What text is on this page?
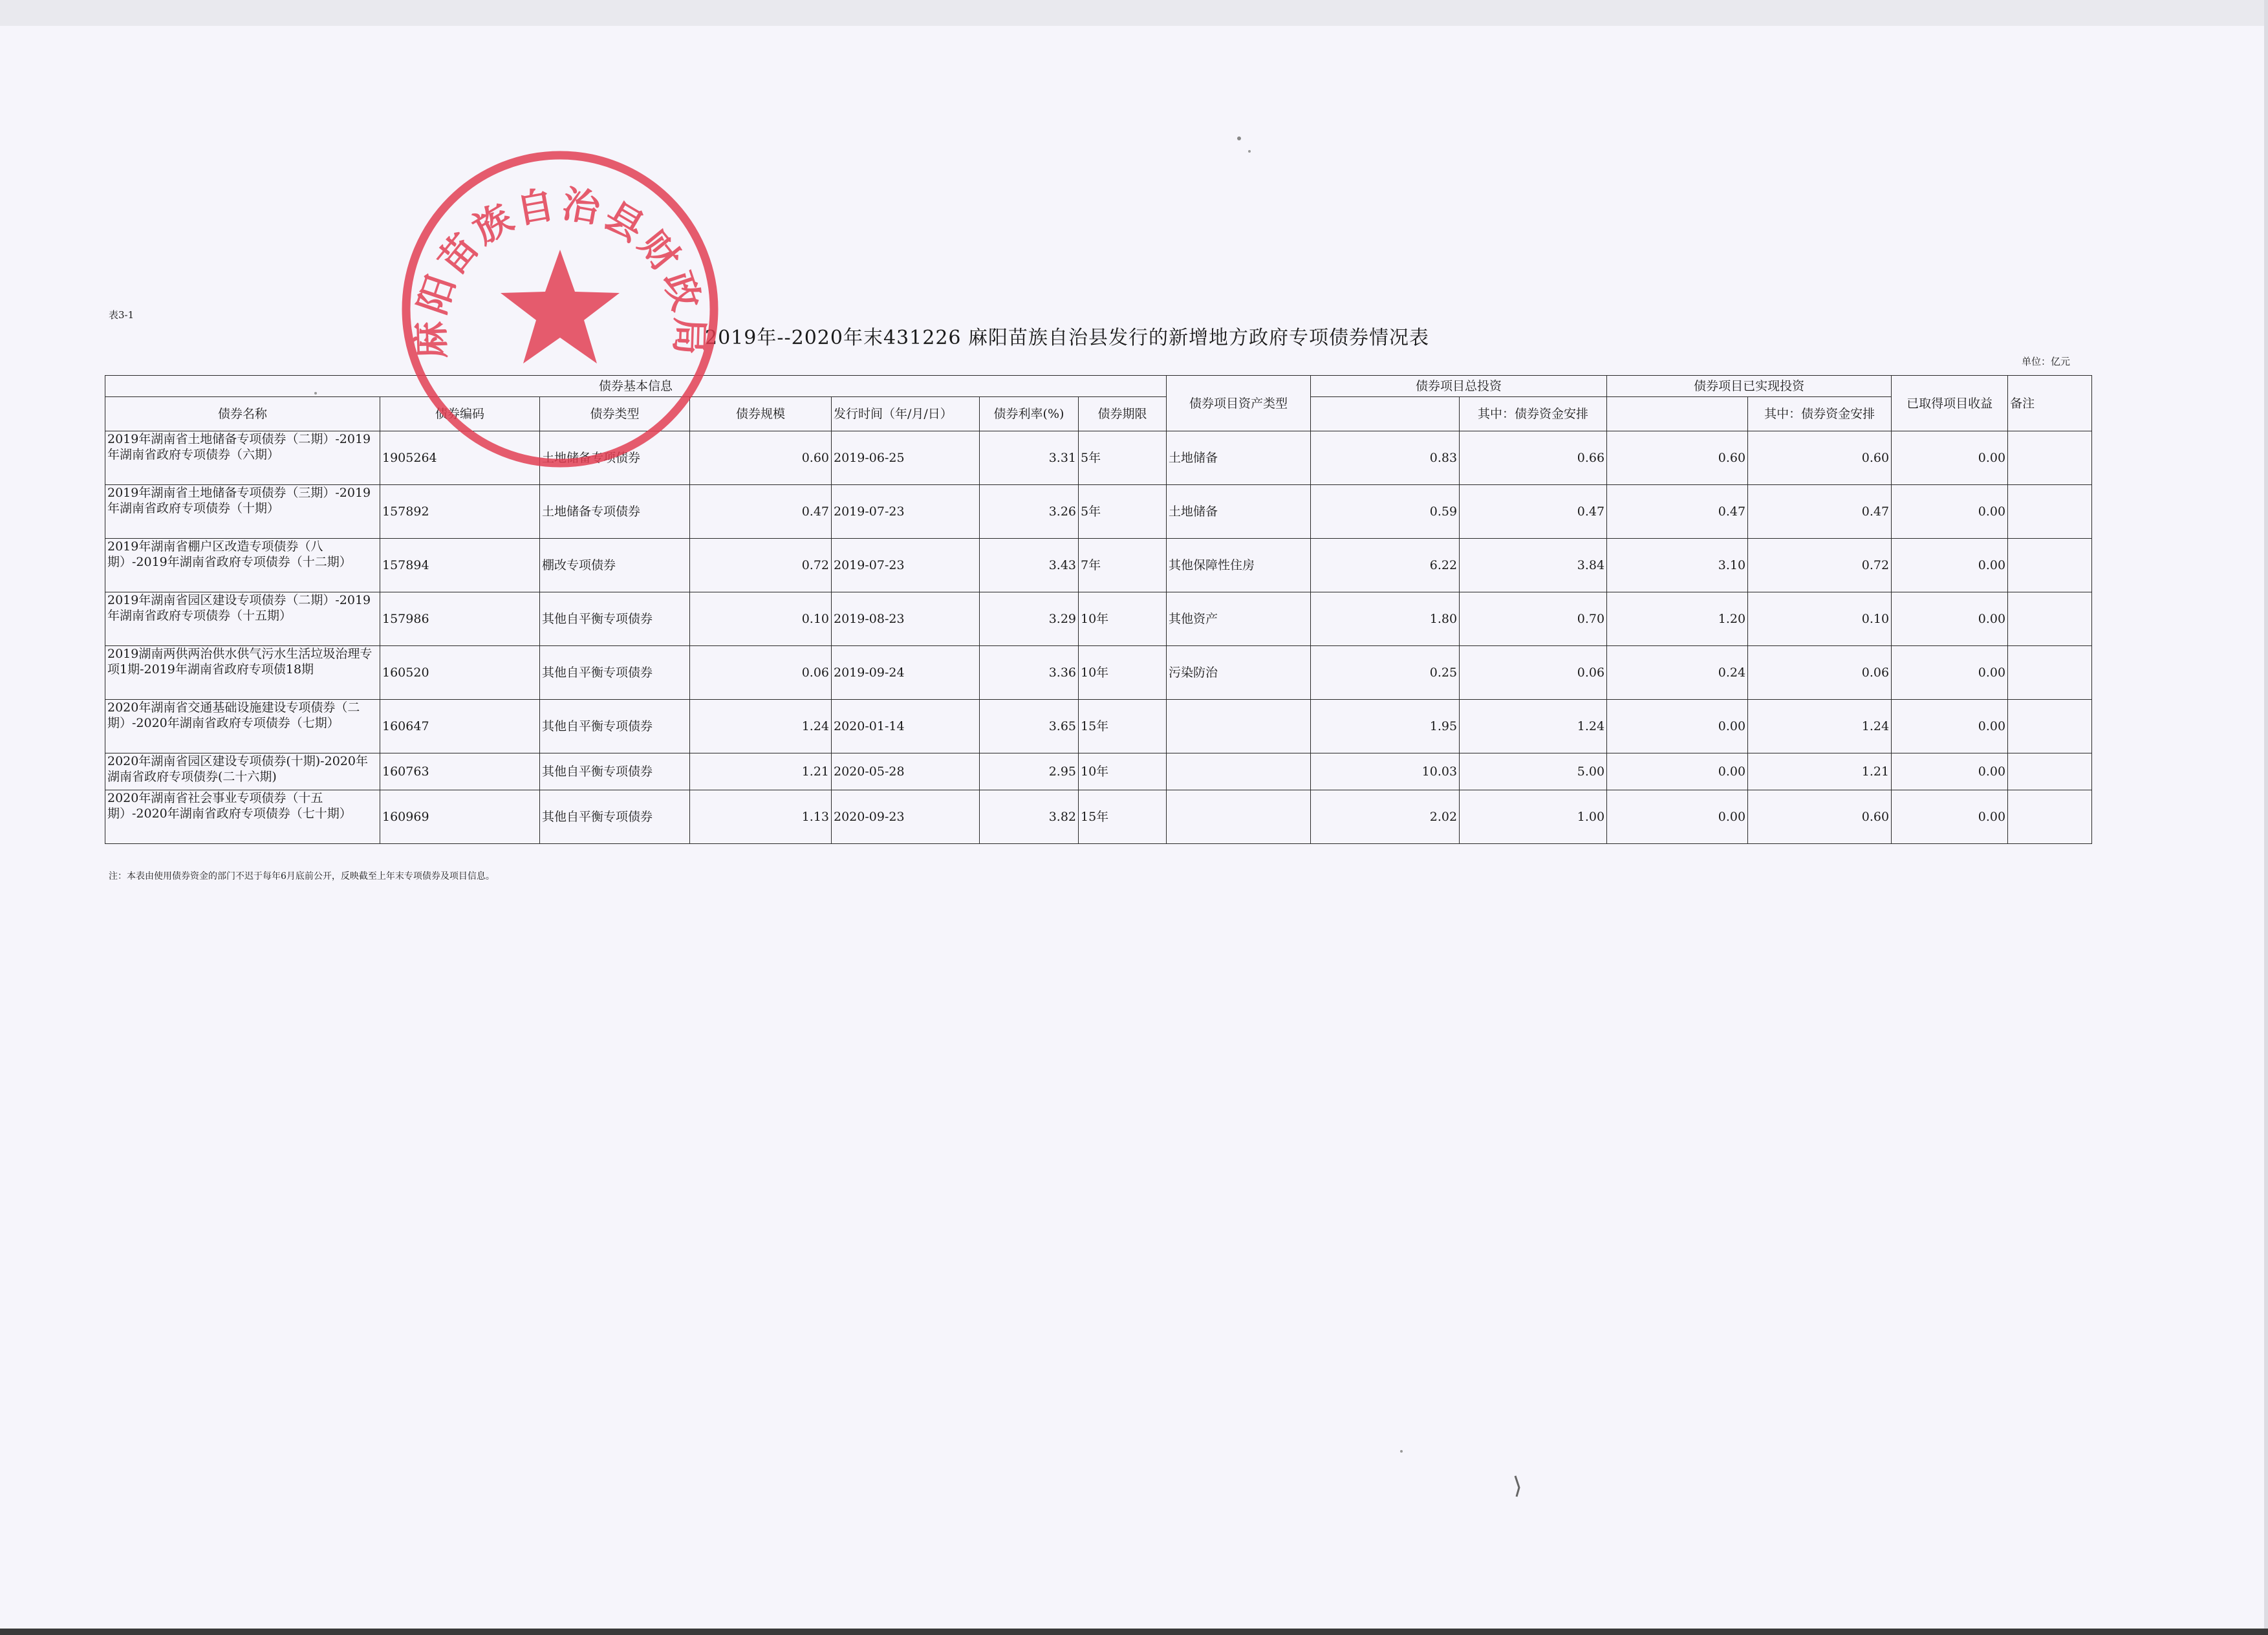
表3-1
2019年--2020年末431226 麻阳苗族自治县发行的新增地方政府专项债券情况表
单位：亿元
债券基本信息							债券项目资产类型	债券项目总投资		债券项目已实现投资		已取得项目收益	备注
债券名称	债券编码	债券类型	债券规模	发行时间（年/月/日）	债券利率(%)	债券期限			其中：债券资金安排		其中：债券资金安排		
2019年湖南省土地储备专项债券（二期）-2019年湖南省政府专项债券（六期）	1905264	土地储备专项债券	0.60	2019-06-25	3.31	5年	土地储备	0.83	0.66	0.60	0.60	0.00	
2019年湖南省土地储备专项债券（三期）-2019年湖南省政府专项债券（十期）	157892	土地储备专项债券	0.47	2019-07-23	3.26	5年	土地储备	0.59	0.47	0.47	0.47	0.00	
2019年湖南省棚户区改造专项债券（八期）-2019年湖南省政府专项债券（十二期）	157894	棚改专项债券	0.72	2019-07-23	3.43	7年	其他保障性住房	6.22	3.84	3.10	0.72	0.00	
2019年湖南省园区建设专项债券（二期）-2019年湖南省政府专项债券（十五期）	157986	其他自平衡专项债券	0.10	2019-08-23	3.29	10年	其他资产	1.80	0.70	1.20	0.10	0.00	
2019湖南两供两治供水供气污水生活垃圾治理专项1期-2019年湖南省政府专项债18期	160520	其他自平衡专项债券	0.06	2019-09-24	3.36	10年	污染防治	0.25	0.06	0.24	0.06	0.00	
2020年湖南省交通基础设施建设专项债券（二期）-2020年湖南省政府专项债券（七期）	160647	其他自平衡专项债券	1.24	2020-01-14	3.65	15年		1.95	1.24	0.00	1.24	0.00	
2020年湖南省园区建设专项债券(十期)-2020年湖南省政府专项债券(二十六期)	160763	其他自平衡专项债券	1.21	2020-05-28	2.95	10年		10.03	5.00	0.00	1.21	0.00	
2020年湖南省社会事业专项债券（十五期）-2020年湖南省政府专项债券（七十期）	160969	其他自平衡专项债券	1.13	2020-09-23	3.82	15年		2.02	1.00	0.00	0.60	0.00	
注：本表由使用债券资金的部门不迟于每年6月底前公开，反映截至上年末专项债券及项目信息。
麻阳苗族自治县财政局
